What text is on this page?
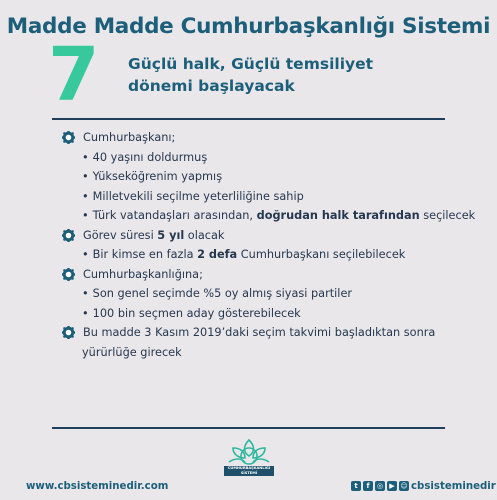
Madde Madde Cumhurbaşkanlığı Sistemi
7 Güçlü halk, Güçlü temsiliyet
dönemi başlayacak
Cumhurbaşkanı;
• 40 yaşını doldurmuş
• Yükseköğrenim yapmış
• Milletvekili seçilme yeterliliğine sahip
• Türk vatandaşları arasından, doğrudan halk tarafından seçilecek
Görev süresi 5 yıl olacak
• Bir kimse en fazla 2 defa Cumhurbaşkanı seçilebilecek
Cumhurbaşkanlığına;
• Son genel seçimde %5 oy almış siyasi partiler
• 100 bin seçmen aday gösterebilecek
Bu madde 3 Kasım 2019’daki seçim takvimi başladıktan sonra
yürürlüğe girecek
CUMHURBAŞKANLIĞI
SİSTEMİ
www.cbsistemi​nedir.com	t	f	◎ ▶ ☺ cbsistemi​nedir
